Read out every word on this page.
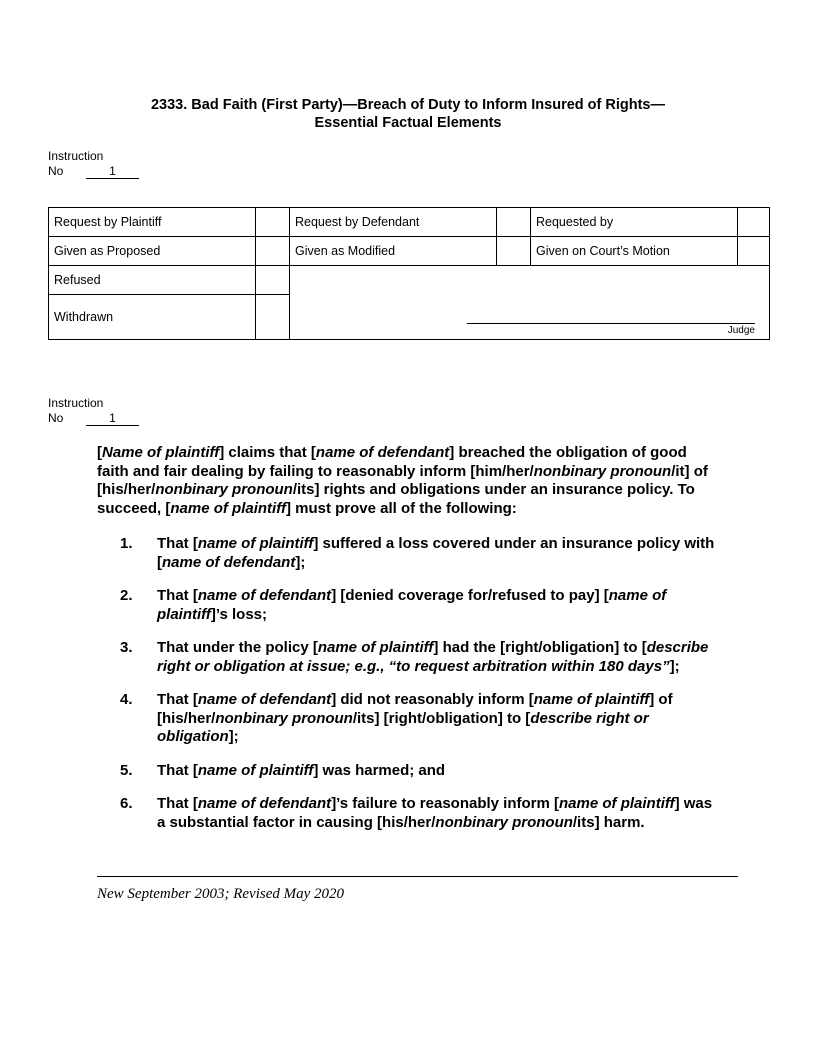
2333. Bad Faith (First Party)—Breach of Duty to Inform Insured of Rights—
Essential Factual Elements
Instruction
No	1
Request by Plaintiff		Request by Defendant		Requested by	
Given as Proposed		Given as Modified		Given on Court’s Motion	
Refused		Judge			

Withdrawn					
Instruction
No	1
[Name of plaintiff] claims that [name of defendant] breached the obligation of good faith and fair dealing by failing to reasonably inform [him/her/nonbinary pronoun/it] of [his/her/nonbinary pronoun/its] rights and obligations under an insurance policy. To succeed, [name of plaintiff] must prove all of the following:
1.	That [name of plaintiff] suffered a loss covered under an insurance policy with [name of defendant];
2.	That [name of defendant] [denied coverage for/refused to pay] [name of plaintiff]’s loss;
3.	That under the policy [name of plaintiff] had the [right/obligation] to [describe right or obligation at issue; e.g., “to request arbitration within 180 days”];
4.	That [name of defendant] did not reasonably inform [name of plaintiff] of [his/her/nonbinary pronoun/its] [right/obligation] to [describe right or obligation];
5.	That [name of plaintiff] was harmed; and
6.	That [name of defendant]’s failure to reasonably inform [name of plaintiff] was a substantial factor in causing [his/her/nonbinary pronoun/its] harm.
New September 2003; Revised May 2020
